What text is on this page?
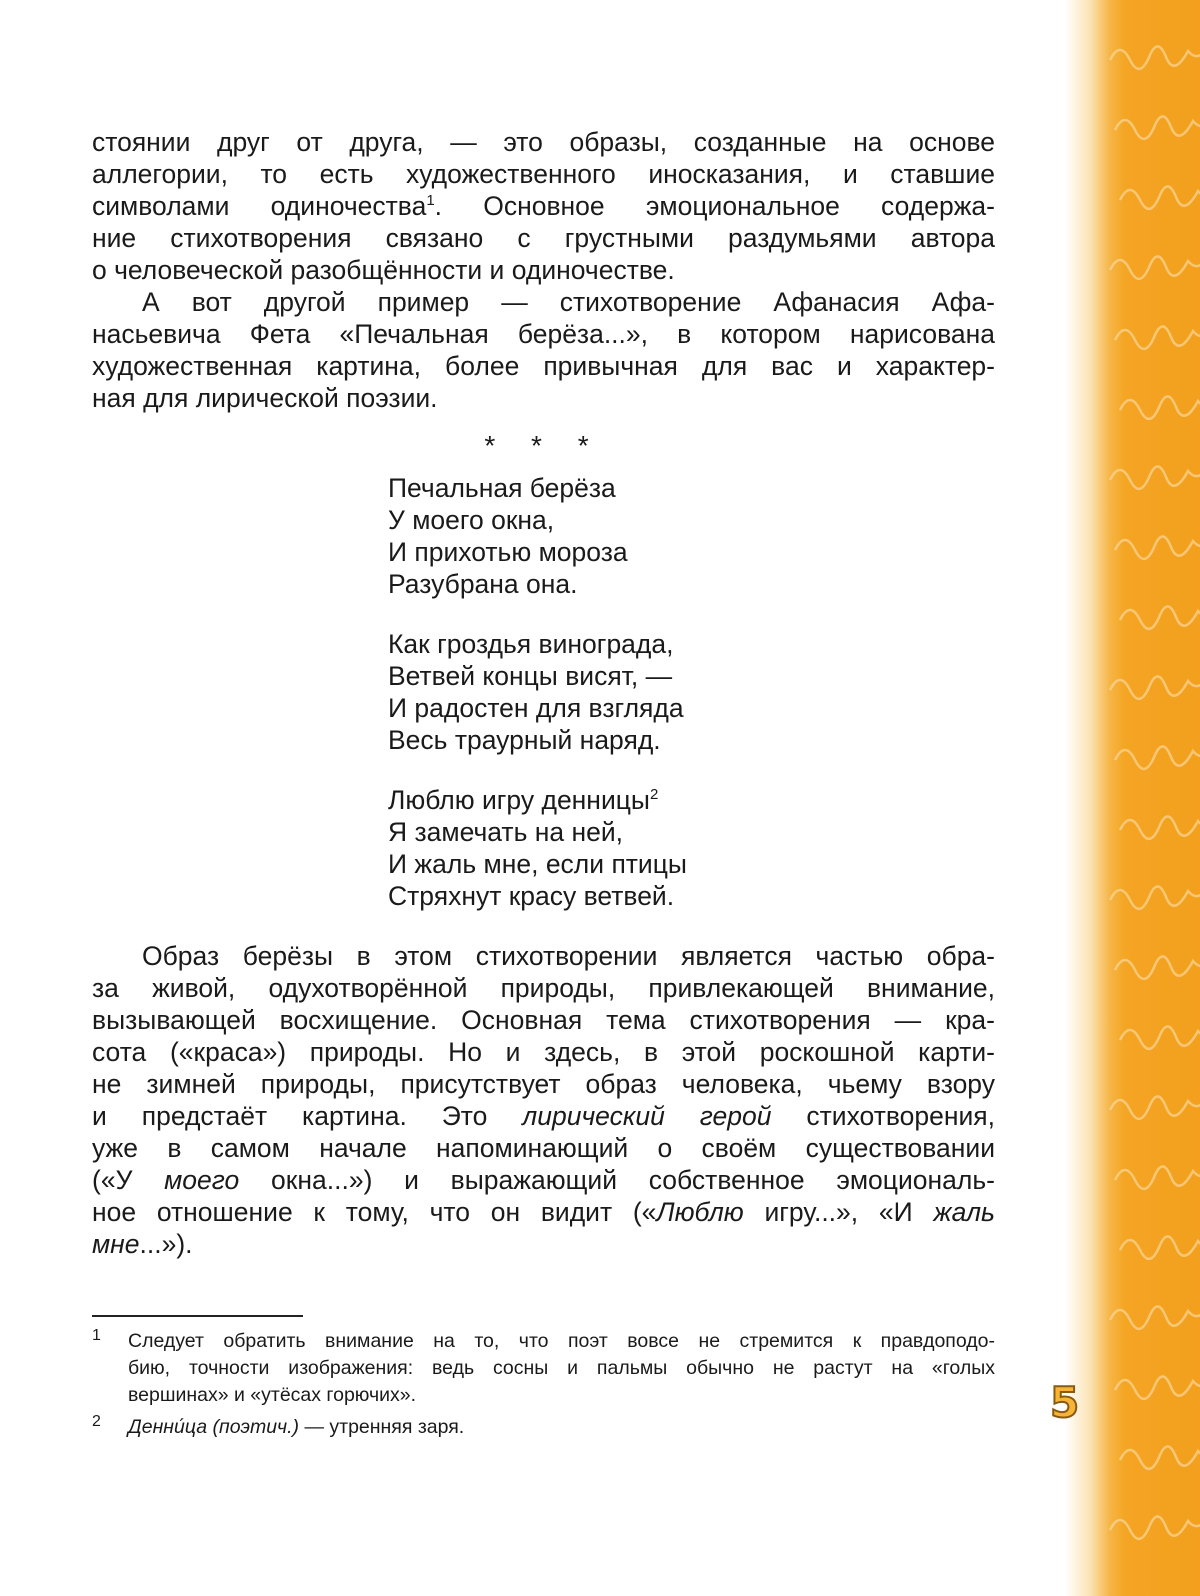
стоянии друг от друга, — это образы, созданные на основе
аллегории, то есть художественного иносказания, и ставшие
символами одиночества$^1$. Основное эмоциональное содержа-
ние стихотворения связано с грустными раздумьями автора
о человеческой разобщённости и одиночестве.
А вот другой пример — стихотворение Афанасия Афа-
насьевича Фета «Печальная берёза...», в котором нарисована
художественная картина, более привычная для вас и характер-
ная для лирической поэзии.
* * *
Печальная берёза
У моего окна,
И прихотью мороза
Разубрана она.
Как гроздья винограда,
Ветвей концы висят, —
И радостен для взгляда
Весь траурный наряд.
Люблю игру денницы$^2$
Я замечать на ней,
И жаль мне, если птицы
Стряхнут красу ветвей.
Образ берёзы в этом стихотворении является частью обра-
за живой, одухотворённой природы, привлекающей внимание,
вызывающей восхищение. Основная тема стихотворения — кра-
сота («краса») природы. Но и здесь, в этой роскошной карти-
не зимней природы, присутствует образ человека, чьему взору
и предстаёт картина. Это лирический герой стихотворения,
уже в самом начале напоминающий о своём существовании
(«У моего окна...») и выражающий собственное эмоциональ-
ное отношение к тому, что он видит («Люблю игру...», «И жаль
мне...»).
1 Следует обратить внимание на то, что поэт вовсе не стремится к правдоподо-
бию, точности изображения: ведь сосны и пальмы обычно не растут на «голых
вершинах» и «утёсах горючих».
2 Денни́ца (поэтич.) — утренняя заря.	5
